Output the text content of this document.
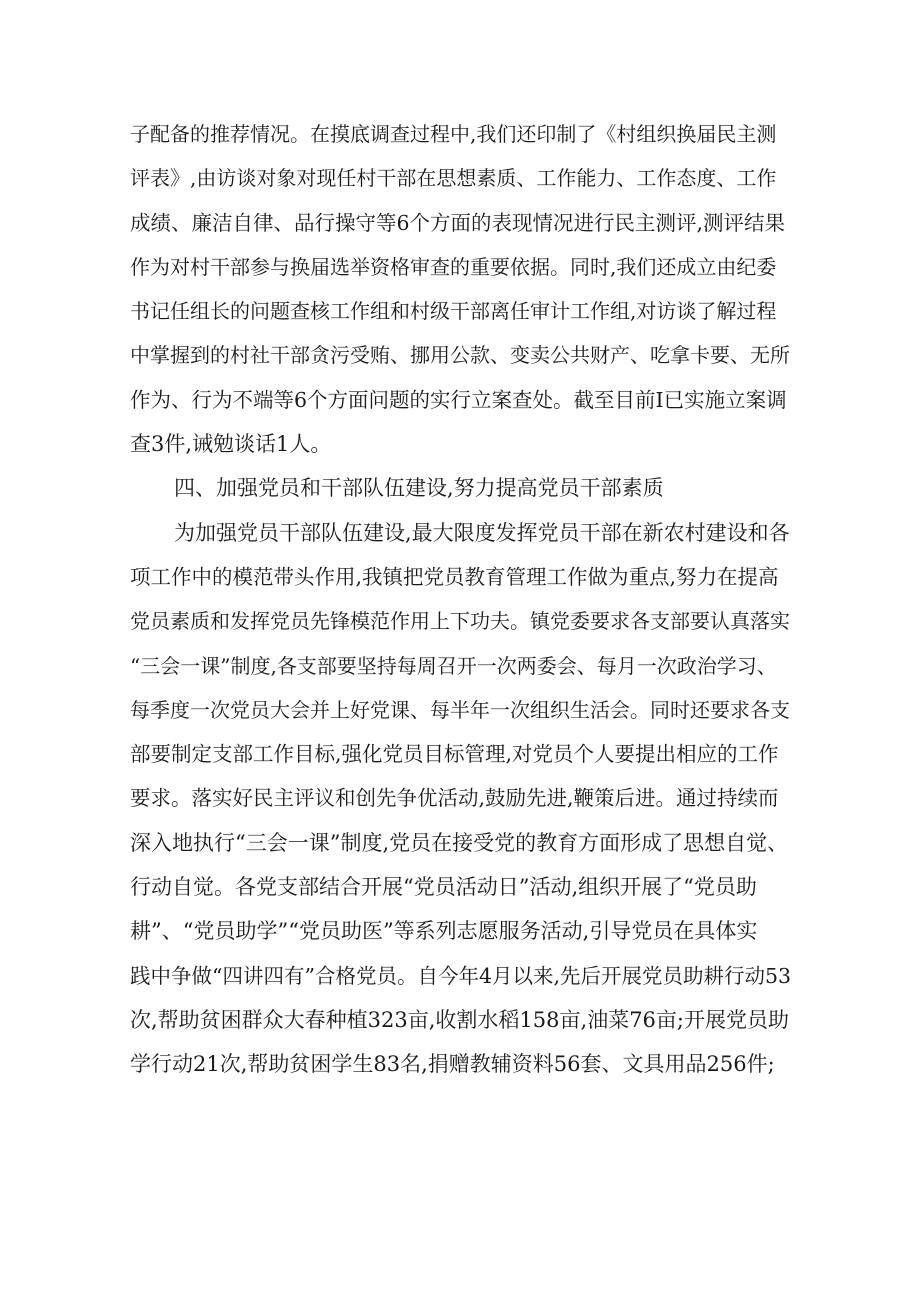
子配备的推荐情况。在摸底调查过程中,我们还印制了《村组织换届民主测
评表》,由访谈对象对现任村干部在思想素质、工作能力、工作态度、工作
成绩、廉洁自律、品行操守等6个方面的表现情况进行民主测评,测评结果
作为对村干部参与换届选举资格审查的重要依据。同时,我们还成立由纪委
书记任组长的问题查核工作组和村级干部离任审计工作组,对访谈了解过程
中掌握到的村社干部贪污受贿、挪用公款、变卖公共财产、吃拿卡要、无所
作为、行为不端等6个方面问题的实行立案查处。截至目前I已实施立案调
查3件,诫勉谈话1人。
四、加强党员和干部队伍建设,努力提高党员干部素质
为加强党员干部队伍建设,最大限度发挥党员干部在新农村建设和各
项工作中的模范带头作用,我镇把党员教育管理工作做为重点,努力在提高
党员素质和发挥党员先锋模范作用上下功夫。镇党委要求各支部要认真落实
“三会一课”制度,各支部要坚持每周召开一次两委会、每月一次政治学习、
每季度一次党员大会并上好党课、每半年一次组织生活会。同时还要求各支
部要制定支部工作目标,强化党员目标管理,对党员个人要提出相应的工作
要求。落实好民主评议和创先争优活动,鼓励先进,鞭策后进。通过持续而
深入地执行“三会一课”制度,党员在接受党的教育方面形成了思想自觉、
行动自觉。各党支部结合开展“党员活动日”活动,组织开展了“党员助
耕”、“党员助学”“党员助医”等系列志愿服务活动,引导党员在具体实
践中争做“四讲四有”合格党员。自今年4月以来,先后开展党员助耕行动53
次,帮助贫困群众大春种植323亩,收割水稻158亩,油菜76亩;开展党员助
学行动21次,帮助贫困学生83名,捐赠教辅资料56套、文具用品256件;
